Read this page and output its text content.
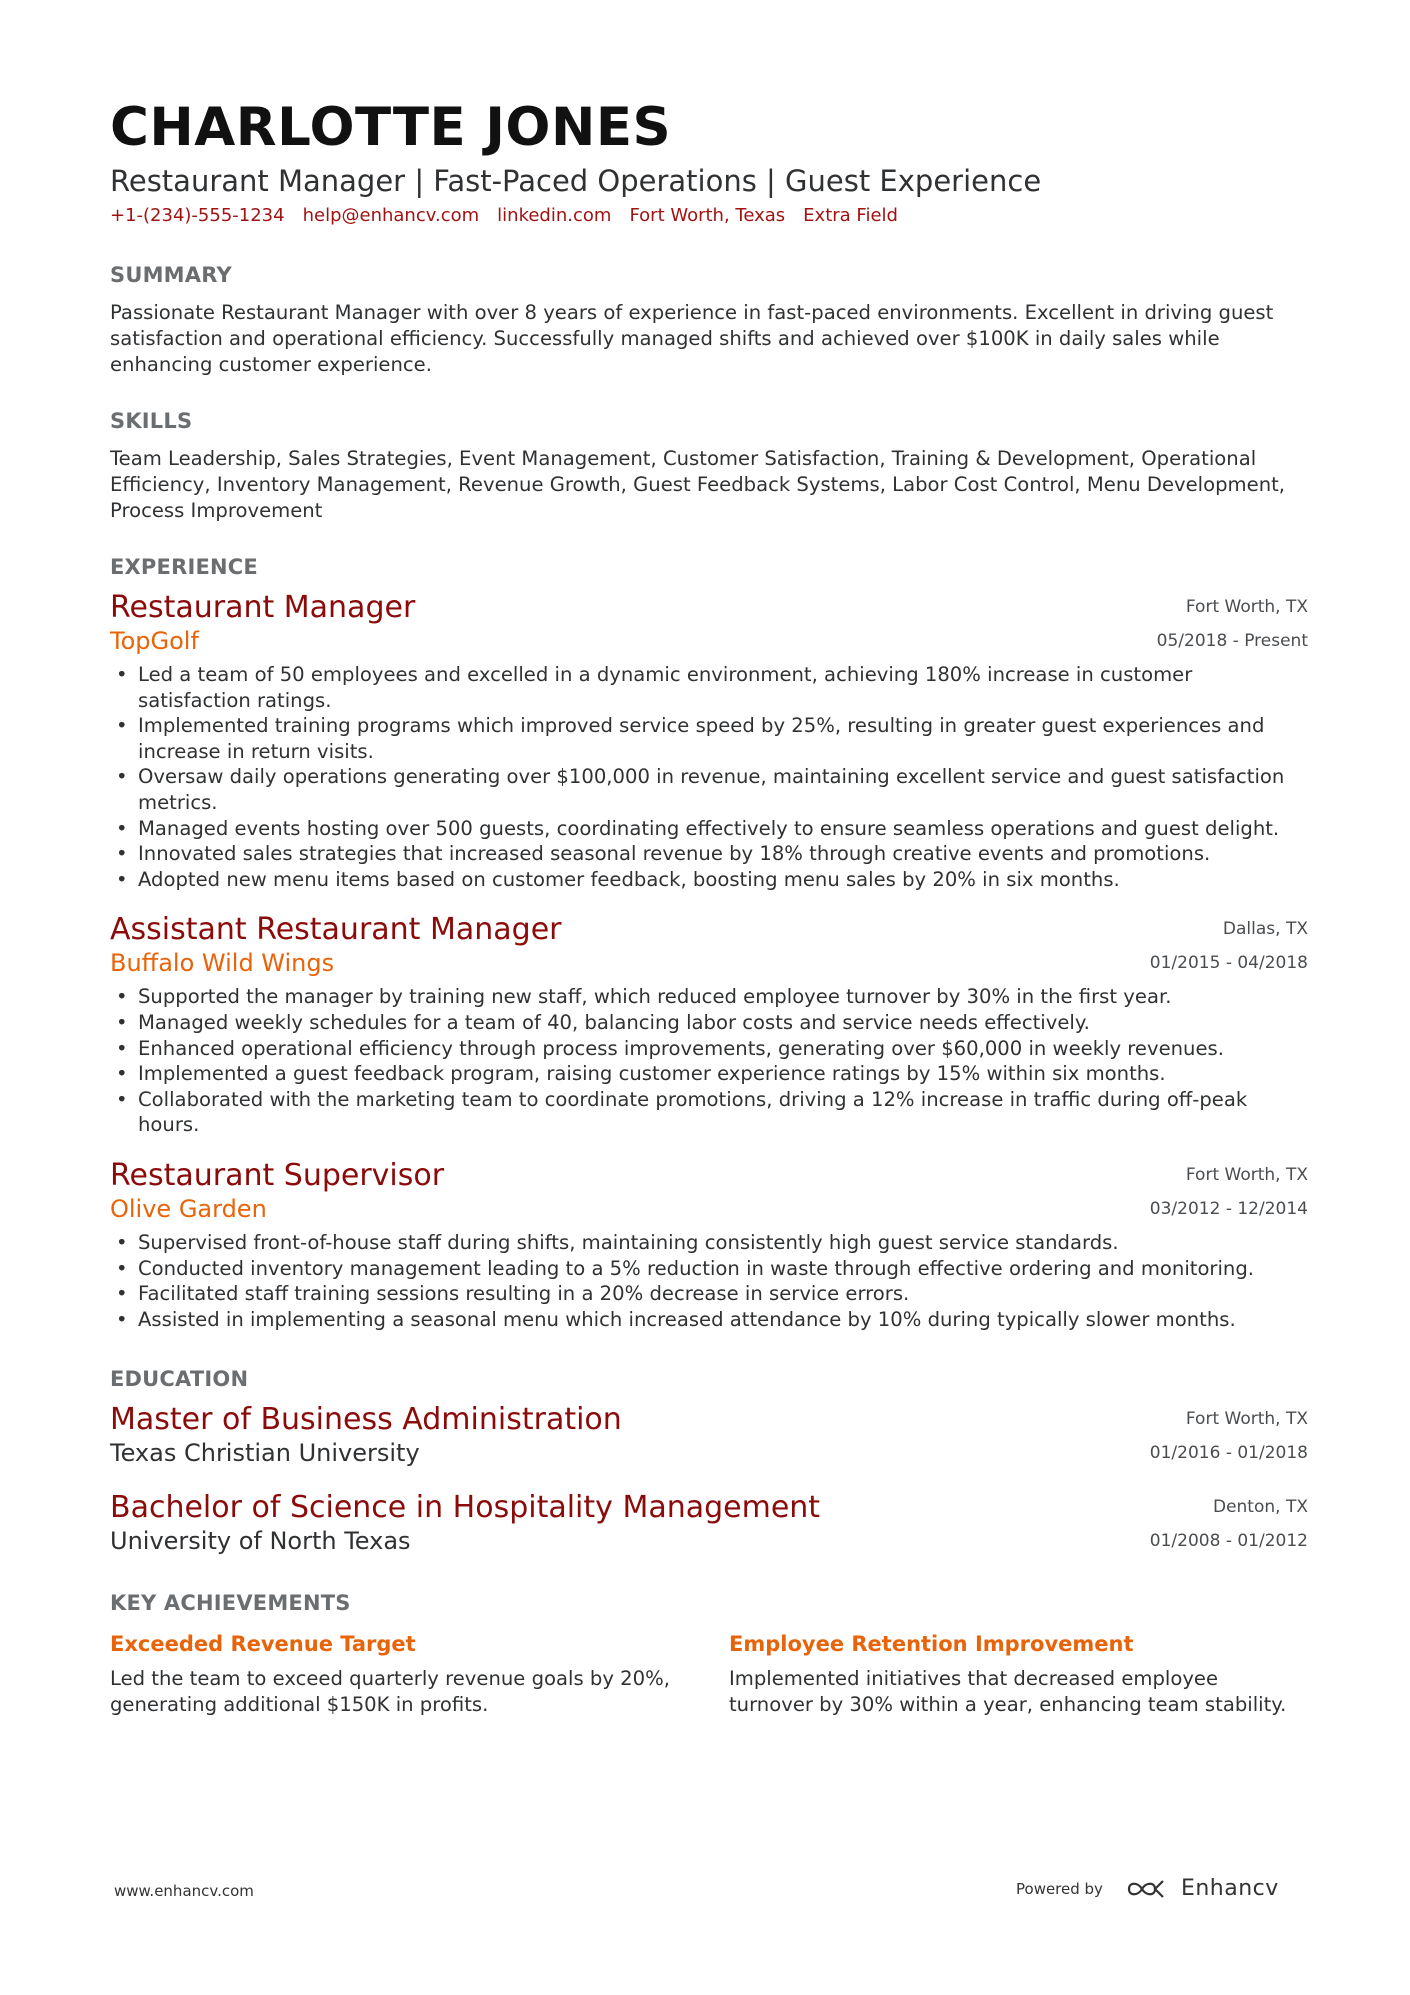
CHARLOTTE JONES
Restaurant Manager | Fast-Paced Operations | Guest Experience
+1-(234)-555-1234 help@enhancv.com linkedin.com Fort Worth, Texas Extra Field
SUMMARY
Passionate Restaurant Manager with over 8 years of experience in fast-paced environments. Excellent in driving guest satisfaction and operational efficiency. Successfully managed shifts and achieved over $100K in daily sales while enhancing customer experience.
SKILLS
Team Leadership, Sales Strategies, Event Management, Customer Satisfaction, Training & Development, Operational Efficiency, Inventory Management, Revenue Growth, Guest Feedback Systems, Labor Cost Control, Menu Development, Process Improvement
EXPERIENCE
Restaurant Manager	Fort Worth, TX
TopGolf	05/2018 - Present
• Led a team of 50 employees and excelled in a dynamic environment, achieving 180% increase in customer satisfaction ratings.
• Implemented training programs which improved service speed by 25%, resulting in greater guest experiences and increase in return visits.
• Oversaw daily operations generating over $100,000 in revenue, maintaining excellent service and guest satisfaction metrics.
• Managed events hosting over 500 guests, coordinating effectively to ensure seamless operations and guest delight.
• Innovated sales strategies that increased seasonal revenue by 18% through creative events and promotions.
• Adopted new menu items based on customer feedback, boosting menu sales by 20% in six months.
Assistant Restaurant Manager	Dallas, TX
Buffalo Wild Wings	01/2015 - 04/2018
• Supported the manager by training new staff, which reduced employee turnover by 30% in the first year.
• Managed weekly schedules for a team of 40, balancing labor costs and service needs effectively.
• Enhanced operational efficiency through process improvements, generating over $60,000 in weekly revenues.
• Implemented a guest feedback program, raising customer experience ratings by 15% within six months.
• Collaborated with the marketing team to coordinate promotions, driving a 12% increase in traffic during off-peak hours.
Restaurant Supervisor	Fort Worth, TX
Olive Garden	03/2012 - 12/2014
• Supervised front-of-house staff during shifts, maintaining consistently high guest service standards.
• Conducted inventory management leading to a 5% reduction in waste through effective ordering and monitoring.
• Facilitated staff training sessions resulting in a 20% decrease in service errors.
• Assisted in implementing a seasonal menu which increased attendance by 10% during typically slower months.
EDUCATION
Master of Business Administration	Fort Worth, TX
Texas Christian University	01/2016 - 01/2018
Bachelor of Science in Hospitality Management	Denton, TX
University of North Texas	01/2008 - 01/2012
KEY ACHIEVEMENTS
Exceeded Revenue Target
Led the team to exceed quarterly revenue goals by 20%, generating additional $150K in profits.
Employee Retention Improvement
Implemented initiatives that decreased employee turnover by 30% within a year, enhancing team stability.
www.enhancv.com	Powered by	Enhancv
